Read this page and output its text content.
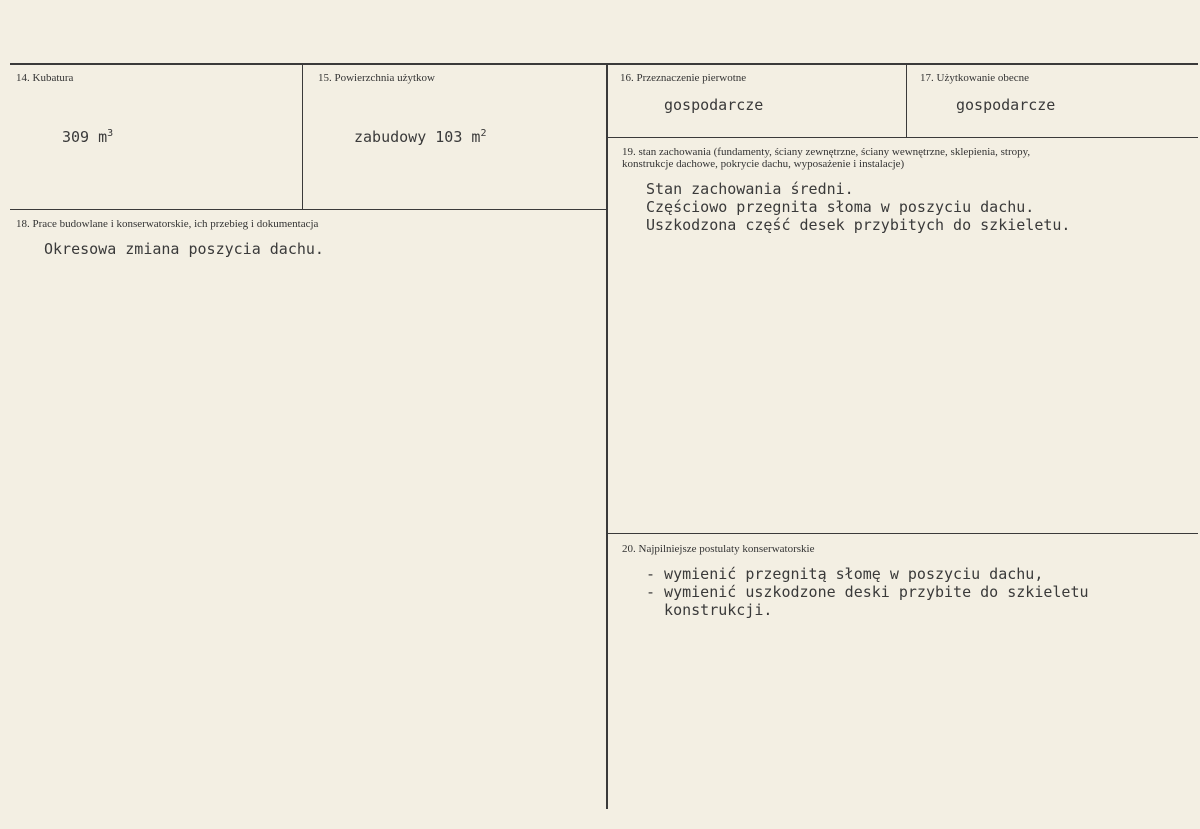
14. Kubatura
309 $m^3$
15. Powierzchnia użytkow
zabudowy 103 $m^2$
16. Przeznaczenie pierwotne
gospodarcze
17. Użytkowanie obecne
gospodarcze
18. Prace budowlane i konserwatorskie, ich przebieg i dokumentacja
Okresowa zmiana poszycia dachu.
19. stan zachowania (fundamenty, ściany zewnętrzne, ściany wewnętrzne, sklepienia, stropy,
konstrukcje dachowe, pokrycie dachu, wyposażenie i instalacje)
Stan zachowania średni.
Częściowo przegnita słoma w poszyciu dachu.
Uszkodzona część desek przybitych do szkieletu.
20. Najpilniejsze postulaty konserwatorskie
- wymienić przegnitą słomę w poszyciu dachu,
- wymienić uszkodzone deski przybite do szkieletu
konstrukcji.
